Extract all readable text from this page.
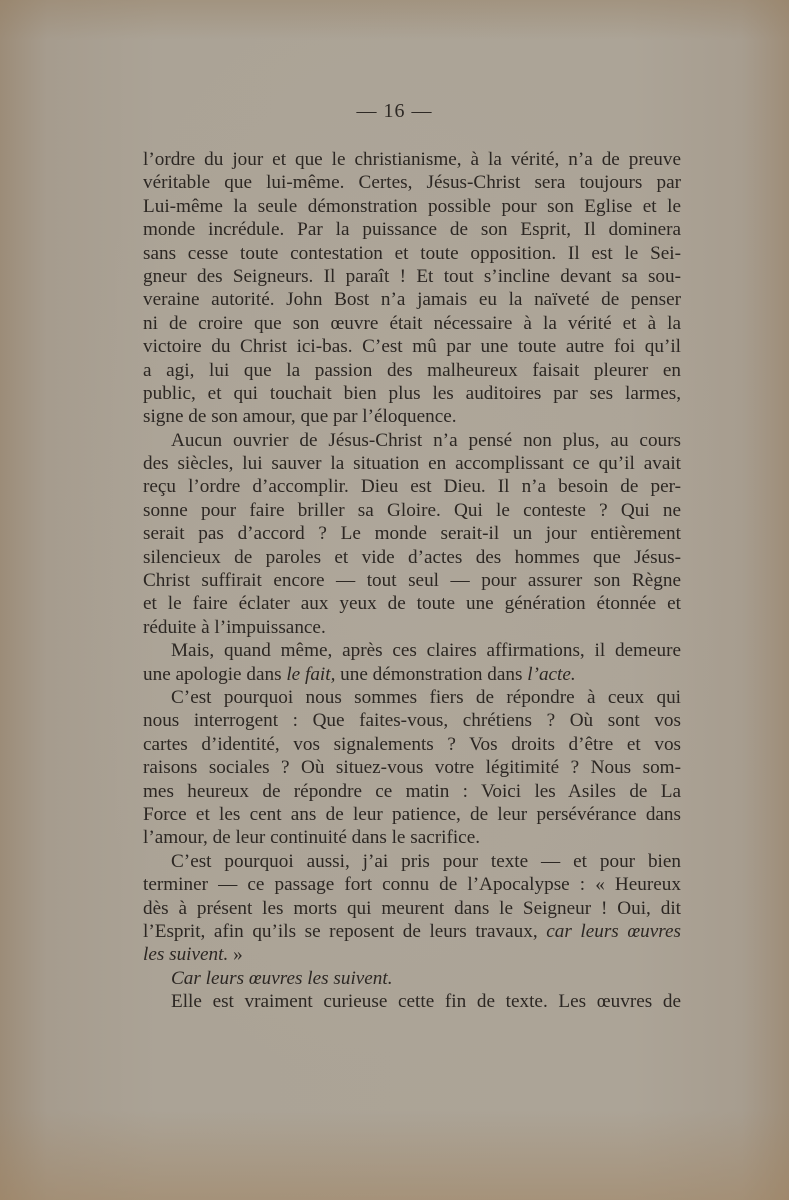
— 16 —
l’ordre du jour et que le christianisme, à la vérité, n’a de preuve
véritable que lui-même. Certes, Jésus-Christ sera toujours par
Lui-même la seule démonstration possible pour son Eglise et le
monde incrédule. Par la puissance de son Esprit, Il dominera
sans cesse toute contestation et toute opposition. Il est le Sei-
gneur des Seigneurs. Il paraît ! Et tout s’incline devant sa sou-
veraine autorité. John Bost n’a jamais eu la naïveté de penser
ni de croire que son œuvre était nécessaire à la vérité et à la
victoire du Christ ici-bas. C’est mû par une toute autre foi qu’il
a agi, lui que la passion des malheureux faisait pleurer en
public, et qui touchait bien plus les auditoires par ses larmes,
signe de son amour, que par l’éloquence.
Aucun ouvrier de Jésus-Christ n’a pensé non plus, au cours
des siècles, lui sauver la situation en accomplissant ce qu’il avait
reçu l’ordre d’accomplir. Dieu est Dieu. Il n’a besoin de per-
sonne pour faire briller sa Gloire. Qui le conteste ? Qui ne
serait pas d’accord ? Le monde serait-il un jour entièrement
silencieux de paroles et vide d’actes des hommes que Jésus-
Christ suffirait encore — tout seul — pour assurer son Règne
et le faire éclater aux yeux de toute une génération étonnée et
réduite à l’impuissance.
Mais, quand même, après ces claires affirmations, il demeure
une apologie dans le fait, une démonstration dans l’acte.
C’est pourquoi nous sommes fiers de répondre à ceux qui
nous interrogent : Que faites-vous, chrétiens ? Où sont vos
cartes d’identité, vos signalements ? Vos droits d’être et vos
raisons sociales ? Où situez-vous votre légitimité ? Nous som-
mes heureux de répondre ce matin : Voici les Asiles de La
Force et les cent ans de leur patience, de leur persévérance dans
l’amour, de leur continuité dans le sacrifice.
C’est pourquoi aussi, j’ai pris pour texte — et pour bien
terminer — ce passage fort connu de l’Apocalypse : « Heureux
dès à présent les morts qui meurent dans le Seigneur ! Oui, dit
l’Esprit, afin qu’ils se reposent de leurs travaux, car leurs œuvres
les suivent. »
Car leurs œuvres les suivent.
Elle est vraiment curieuse cette fin de texte. Les œuvres de
